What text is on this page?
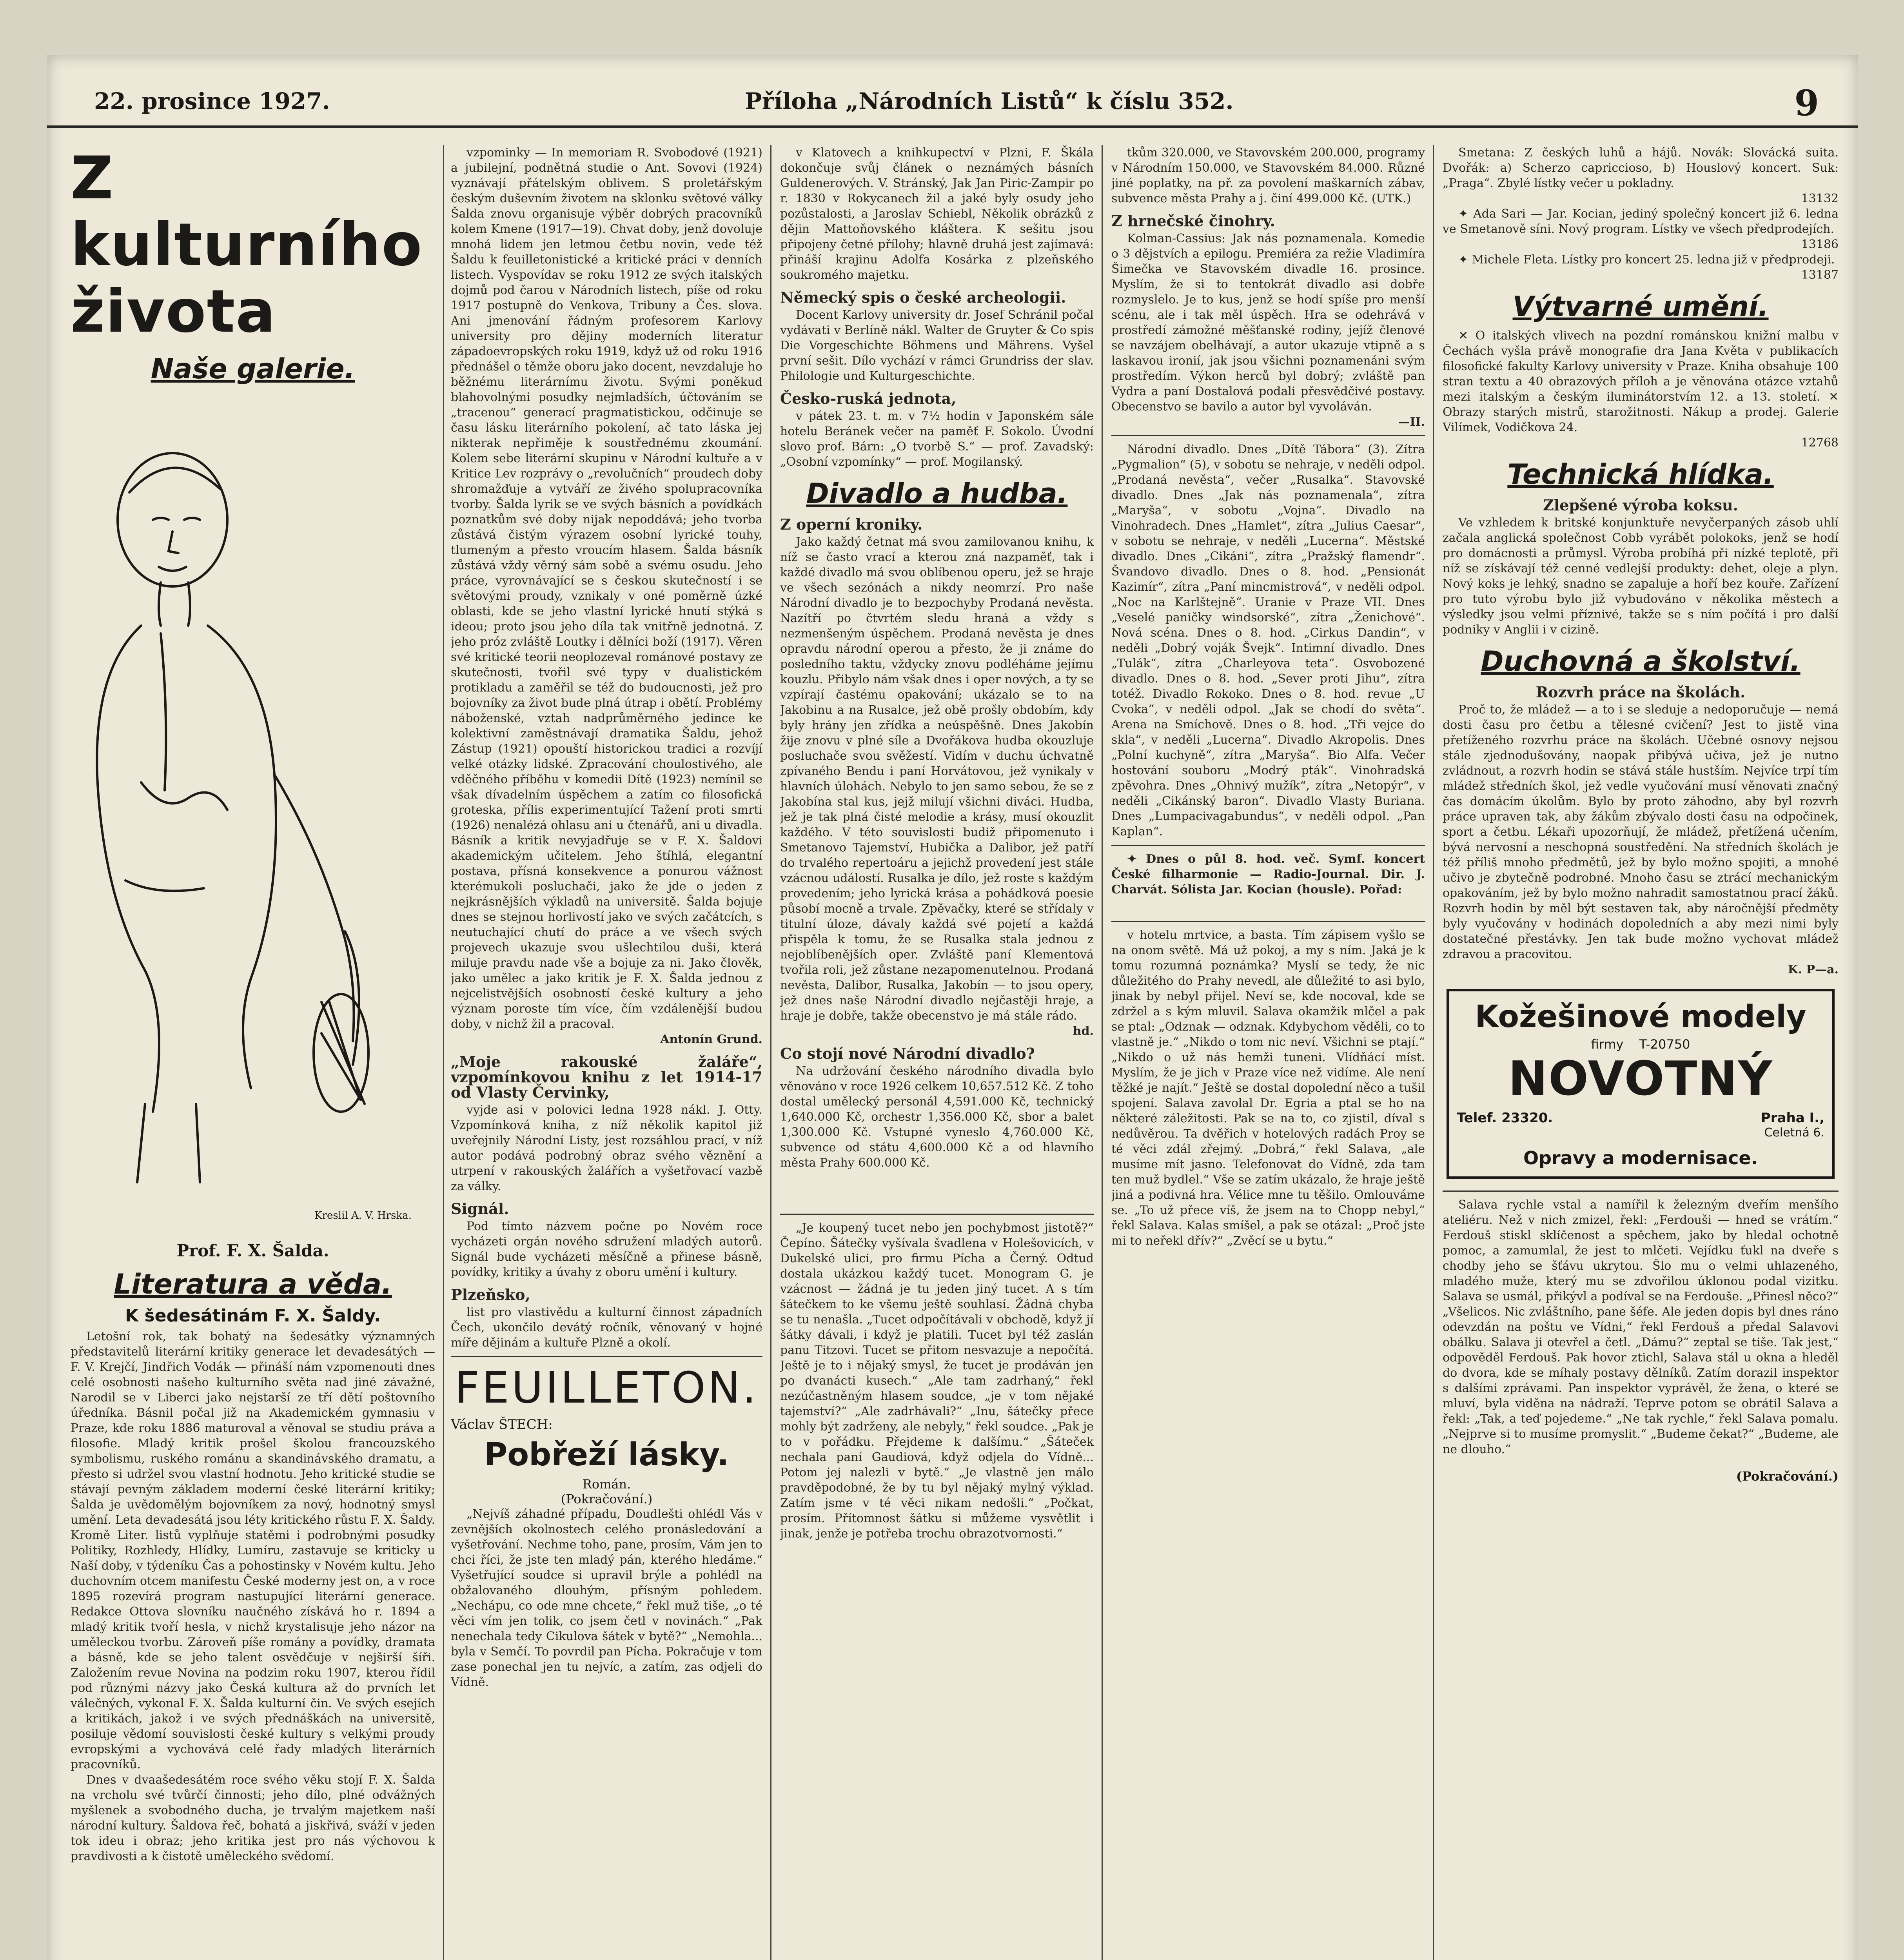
22. prosince 1927.	Příloha „Národních Listů“ k číslu 352.	9
Z kulturního života
Naše galerie.
Kreslil A. V. Hrska.
Prof. F. X. Šalda.
Literatura a věda.
K šedesátinám F. X. Šaldy.

Letošní rok, tak bohatý na šedesátky významných představitelů literární kritiky generace let devadesátých — F. V. Krejčí, Jindřich Vodák — přináší nám vzpomenouti dnes celé osobnosti našeho kulturního světa nad jiné závažné, Narodil se v Liberci jako nejstarší ze tří dětí poštovního úředníka. Básnil počal již na Akademickém gymnasiu v Praze, kde roku 1886 maturoval a věnoval se studiu práva a filosofie. Mladý kritik prošel školou francouzského symbolismu, ruského románu a skandinávského dramatu, a přesto si udržel svou vlastní hodnotu. Jeho kritické studie se stávají pevným základem moderní české literární kritiky; Šalda je uvědomělým bojovníkem za nový, hodnotný smysl umění. Leta devadesátá jsou léty kritického růstu F. X. Šaldy. Kromě Liter. listů vyplňuje statěmi i podrobnými posudky Politiky, Rozhledy, Hlídky, Lumíru, zastavuje se kriticky u Naší doby, v týdeníku Čas a pohostinsky v Novém kultu. Jeho duchovním otcem manifestu České moderny jest on, a v roce 1895 rozevírá program nastupující literární generace. Redakce Ottova slovníku naučného získává ho r. 1894 a mladý kritik tvoří hesla, v nichž krystalisuje jeho názor na uměleckou tvorbu. Zároveň píše romány a povídky, dramata a básně, kde se jeho talent osvědčuje v nejširší šíři. Založením revue Novina na podzim roku 1907, kterou řídil pod různými názvy jako Česká kultura až do prvních let válečných, vykonal F. X. Šalda kulturní čin. Ve svých esejích a kritikách, jakož i ve svých přednáškách na universitě, posiluje vědomí souvislosti české kultury s velkými proudy evropskými a vychovává celé řady mladých literárních pracovníků.

Dnes v dvaašedesátém roce svého věku stojí F. X. Šalda na vrcholu své tvůrčí činnosti; jeho dílo, plné odvážných myšlenek a svobodného ducha, je trvalým majetkem naší národní kultury. Šaldova řeč, bohatá a jiskřivá, sváží v jeden tok ideu i obraz; jeho kritika jest pro nás výchovou k pravdivosti a k čistotě uměleckého svědomí.

vzpominky — In memoriam R. Svobodové (1921) a jubilejní, podnětná studie o Ant. Sovovi (1924) vyznávají přátelským oblivem. S proletářským českým duševním životem na sklonku světové války Šalda znovu organisuje výběr dobrých pracovníků kolem Kmene (1917—19). Chvat doby, jenž dovoluje mnohá lidem jen letmou četbu novin, vede též Šaldu k feuilletonistické a kritické práci v denních listech. Vyspovídav se roku 1912 ze svých italských dojmů pod čarou v Národních listech, píše od roku 1917 postupně do Venkova, Tribuny a Čes. slova. Ani jmenování řádným profesorem Karlovy university pro dějiny moderních literatur západoevropských roku 1919, když už od roku 1916 přednášel o těmže oboru jako docent, nevzdaluje ho běžnému literárnímu životu. Svými poněkud blahovolnými posudky nejmladších, účtováním se „tracenou“ generací pragmatistickou, odčinuje se času lásku literárního pokolení, ač tato láska jej nikterak nepřiměje k soustřednému zkoumání. Kolem sebe literární skupinu v Národní kultuře a v Kritice Lev rozprávy o „revolučních“ proudech doby shromažďuje a vytváří ze živého spolupracovníka tvorby. Šalda lyrik se ve svých básních a povídkách poznatkům své doby nijak nepoddává; jeho tvorba zůstává čistým výrazem osobní lyrické touhy, tlumeným a přesto vroucím hlasem. Šalda básník zůstává vždy věrný sám sobě a svému osudu. Jeho práce, vyrovnávající se s českou skutečností i se světovými proudy, vznikaly v oné poměrně úzké oblasti, kde se jeho vlastní lyrické hnutí stýká s ideou; proto jsou jeho díla tak vnitřně jednotná. Z jeho próz zvláště Loutky i dělníci boží (1917). Věren své kritické teorii neoplozeval románové postavy ze skutečnosti, tvořil své typy v dualistickém protikladu a zaměřil se též do budoucnosti, jež pro bojovníky za život bude plná útrap i obětí. Problémy náboženské, vztah nadprůměrného jedince ke kolektivní zaměstnávají dramatika Šaldu, jehož Zástup (1921) opouští historickou tradici a rozvíjí velké otázky lidské. Zpracování choulostivého, ale vděčného příběhu v komedii Dítě (1923) nemínil se však dívadelním úspěchem a zatím co filosofická groteska, přílis experimentující Tažení proti smrti (1926) nenalézá ohlasu ani u čtenářů, ani u divadla. Básník a kritik nevyjadřuje se v F. X. Šaldovi akademickým učitelem. Jeho štíhlá, elegantní postava, přísná konsekvence a ponurou vážnost kterémukoli posluchači, jako že jde o jeden z nejkrásnějších výkladů na universitě. Šalda bojuje dnes se stejnou horlivostí jako ve svých začátcích, s neutuchající chutí do práce a ve všech svých projevech ukazuje svou ušlechtilou duši, která miluje pravdu nade vše a bojuje za ni. Jako člověk, jako umělec a jako kritik je F. X. Šalda jednou z nejcelistvějších osobností české kultury a jeho význam poroste tím více, čím vzdálenější budou doby, v nichž žil a pracoval.

Antonín Grund.
„Moje rakouské žaláře“, vzpomínkovou knihu z let 1914-17 od Vlasty Červinky,

vyjde asi v polovici ledna 1928 nákl. J. Otty. Vzpomínková kniha, z níž několik kapitol již uveřejnily Národní Listy, jest rozsáhlou prací, v níž autor podává podrobný obraz svého věznění a utrpení v rakouských žalářích a vyšetřovací vazbě za války.

Signál.

Pod tímto názvem počne po Novém roce vycházeti orgán nového sdružení mladých autorů. Signál bude vycházeti měsíčně a přinese básně, povídky, kritiky a úvahy z oboru umění i kultury.

Plzeňsko,

list pro vlastivědu a kulturní činnost západních Čech, ukončilo devátý ročník, věnovaný v hojné míře dějinám a kultuře Plzně a okolí.

FEUILLETON.
Václav ŠTECH:
Pobřeží lásky.
Román.
(Pokračování.)

„Nejvíš záhadné případu, Doudlešti ohlédl Vás v zevnějších okolnostech celého pronásledování a vyšetřování. Nechme toho, pane, prosím, Vám jen to chci říci, že jste ten mladý pán, kterého hledáme.“ Vyšetřující soudce si upravil brýle a pohlédl na obžalovaného dlouhým, přísným pohledem. „Nechápu, co ode mne chcete,“ řekl muž tiše, „o té věci vím jen tolik, co jsem četl v novinách.“ „Pak nenechala tedy Cikulova šátek v bytě?“ „Nemohla... byla v Semčí. To povrdil pan Pícha. Pokračuje v tom zase ponechal jen tu nejvíc, a zatím, zas odjeli do Vídně.

v Klatovech a knihkupectví v Plzni, F. Škála dokončuje svůj článek o neznámých básních Guldenerových. V. Stránský, Jak Jan Piric-Zampir po r. 1830 v Rokycanech žil a jaké byly osudy jeho pozůstalosti, a Jaroslav Schiebl, Několik obrázků z dějin Mattoňovského kláštera. K sešitu jsou připojeny četné přílohy; hlavně druhá jest zajímavá: přináší krajinu Adolfa Kosárka z plzeňského soukromého majetku.

Německý spis o české archeologii.

Docent Karlovy university dr. Josef Schránil počal vydávati v Berlíně nákl. Walter de Gruyter & Co spis Die Vorgeschichte Böhmens und Mährens. Vyšel první sešit. Dílo vychází v rámci Grundriss der slav. Philologie und Kulturgeschichte.

Česko-ruská jednota,

v pátek 23. t. m. v 7½ hodin v Japonském sále hotelu Beránek večer na paměť F. Sokolo. Úvodní slovo prof. Bárn: „O tvorbě S.“ — prof. Zavadský: „Osobní vzpomínky“ — prof. Mogilanský.

Divadlo a hudba.
Z operní kroniky.

Jako každý četnat má svou zamilovanou knihu, k níž se často vrací a kterou zná nazpaměť, tak i každé divadlo má svou oblíbenou operu, jež se hraje ve všech sezónách a nikdy neomrzí. Pro naše Národní divadlo je to bezpochyby Prodaná nevěsta. Nazítří po čtvrtém sledu hraná a vždy s nezmenšeným úspěchem. Prodaná nevěsta je dnes opravdu národní operou a přesto, že ji známe do posledního taktu, vždycky znovu podléháme jejímu kouzlu. Přibylo nám však dnes i oper nových, a ty se vzpírají častému opakování; ukázalo se to na Jakobinu a na Rusalce, jež obě prošly obdobím, kdy byly hrány jen zřídka a neúspěšně. Dnes Jakobín žije znovu v plné síle a Dvořákova hudba okouzluje posluchače svou svěžestí. Vidím v duchu úchvatně zpívaného Bendu i paní Horvátovou, jež vynikaly v hlavních úlohách. Nebylo to jen samo sebou, že se z Jakobína stal kus, jejž milují všichni diváci. Hudba, jež je tak plná čisté melodie a krásy, musí okouzlit každého. V této souvislosti budiž připomenuto i Smetanovo Tajemství, Hubička a Dalibor, jež patří do trvalého repertoáru a jejichž provedení jest stále vzácnou událostí. Rusalka je dílo, jež roste s každým provedením; jeho lyrická krása a pohádková poesie působí mocně a trvale. Zpěvačky, které se střídaly v titulní úloze, dávaly každá své pojetí a každá přispěla k tomu, že se Rusalka stala jednou z nejoblíbenějších oper. Zvláště paní Klementová tvořila roli, jež zůstane nezapomenutelnou. Prodaná nevěsta, Dalibor, Rusalka, Jakobín — to jsou opery, jež dnes naše Národní divadlo nejčastěji hraje, a hraje je dobře, takže obecenstvo je má stále rádo.

hd.
Co stojí nové Národní divadlo?

Na udržování českého národního divadla bylo věnováno v roce 1926 celkem 10,657.512 Kč. Z toho dostal umělecký personál 4,591.000 Kč, technický 1,640.000 Kč, orchestr 1,356.000 Kč, sbor a balet 1,300.000 Kč. Vstupné vyneslo 4,760.000 Kč, subvence od státu 4,600.000 Kč a od hlavního města Prahy 600.000 Kč.

„Je koupený tucet nebo jen pochybmost jistotě?“ Čepíno. Šátečky vyšívala švadlena v Holešovicích, v Dukelské ulici, pro firmu Pícha a Černý. Odtud dostala ukázkou každý tucet. Monogram G. je vzácnost — žádná je tu jeden jiný tucet. A s tím šátečkem to ke všemu ještě souhlasí. Žádná chyba se tu nenašla. „Tucet odpočítávali v obchodě, když jí šátky dávali, i když je platili. Tucet byl též zaslán panu Titzovi. Tucet se přitom nesvazuje a nepočítá. Ještě je to i nějaký smysl, že tucet je prodáván jen po dvanácti kusech.“ „Ale tam zadrhaný,“ řekl nezúčastněným hlasem soudce, „je v tom nějaké tajemství?“ „Ale zadrhávali?“ „Inu, šátečky přece mohly být zadrženy, ale nebyly,“ řekl soudce. „Pak je to v pořádku. Přejdeme k dalšímu.“ „Šáteček nechala paní Gaudiová, když odjela do Vídně... Potom jej nalezli v bytě.“ „Je vlastně jen málo pravděpodobné, že by tu byl nějaký mylný výklad. Zatím jsme v té věci nikam nedošli.“ „Počkat, prosím. Přítomnost šátku si můžeme vysvětlit i jinak, jenže je potřeba trochu obrazotvornosti.“

tkům 320.000, ve Stavovském 200.000, programy v Národním 150.000, ve Stavovském 84.000. Různé jiné poplatky, na př. za povolení maškarních zábav, subvence města Prahy a j. činí 499.000 Kč. (UTK.)

Z hrnečské činohry.

Kolman-Cassius: Jak nás poznamenala. Komedie o 3 dějstvích a epilogu. Premiéra za režie Vladimíra Šimečka ve Stavovském divadle 16. prosince. Myslím, že si to tentokrát divadlo asi dobře rozmyslelo. Je to kus, jenž se hodí spíše pro menší scénu, ale i tak měl úspěch. Hra se odehrává v prostředí zámožné měšťanské rodiny, jejíž členové se navzájem obelhávají, a autor ukazuje vtipně a s laskavou ironií, jak jsou všichni poznamenáni svým prostředím. Výkon herců byl dobrý; zvláště pan Vydra a paní Dostalová podali přesvědčivé postavy. Obecenstvo se bavilo a autor byl vyvoláván.

—II.

Národní divadlo. Dnes „Dítě Tábora“ (3). Zítra „Pygmalion“ (5), v sobotu se nehraje, v neděli odpol. „Prodaná nevěsta“, večer „Rusalka“. Stavovské divadlo. Dnes „Jak nás poznamenala“, zítra „Maryša“, v sobotu „Vojna“. Divadlo na Vinohradech. Dnes „Hamlet“, zítra „Julius Caesar“, v sobotu se nehraje, v neděli „Lucerna“. Městské divadlo. Dnes „Cikáni“, zítra „Pražský flamendr“. Švandovo divadlo. Dnes o 8. hod. „Pensionát Kazimír“, zítra „Paní mincmistrová“, v neděli odpol. „Noc na Karlštejně“. Uranie v Praze VII. Dnes „Veselé paničky windsorské“, zítra „Ženichové“. Nová scéna. Dnes o 8. hod. „Cirkus Dandin“, v neděli „Dobrý voják Švejk“. Intimní divadlo. Dnes „Tulák“, zítra „Charleyova teta“. Osvobozené divadlo. Dnes o 8. hod. „Sever proti Jihu“, zítra totéž. Divadlo Rokoko. Dnes o 8. hod. revue „U Cvoka“, v neděli odpol. „Jak se chodí do světa“. Arena na Smíchově. Dnes o 8. hod. „Tři vejce do skla“, v neděli „Lucerna“. Divadlo Akropolis. Dnes „Polní kuchyně“, zítra „Maryša“. Bio Alfa. Večer hostování souboru „Modrý pták“. Vinohradská zpěvohra. Dnes „Ohnivý mužík“, zítra „Netopýr“, v neděli „Cikánský baron“. Divadlo Vlasty Buriana. Dnes „Lumpacivagabundus“, v neděli odpol. „Pan Kaplan“.

✦ Dnes o půl 8. hod. več. Symf. koncert České filharmonie — Radio-Journal. Dir. J. Charvát. Sólista Jar. Kocian (housle). Pořad:

v hotelu mrtvice, a basta. Tím zápisem vyšlo se na onom světě. Má už pokoj, a my s ním. Jaká je k tomu rozumná poznámka? Myslí se tedy, že nic důležitého do Prahy nevedl, ale důležité to asi bylo, jinak by nebyl přijel. Neví se, kde nocoval, kde se zdržel a s kým mluvil. Salava okamžik mlčel a pak se ptal: „Odznak — odznak. Kdybychom věděli, co to vlastně je.“ „Nikdo o tom nic neví. Všichni se ptají.“ „Nikdo o už nás hemži tuneni. Vlídňácí míst. Myslím, že je jich v Praze více než vidíme. Ale není těžké je najít.“ Ještě se dostal dopolední něco a tušil spojení. Salava zavolal Dr. Egria a ptal se ho na některé záležitosti. Pak se na to, co zjistil, díval s nedůvěrou. Ta dvěřich v hotelových radách Proy se té věci zdál zřejmý. „Dobrá,“ řekl Salava, „ale musíme mít jasno. Telefonovat do Vídně, zda tam ten muž bydlel.“ Vše se zatím ukázalo, že hraje ještě jiná a podivná hra. Vélice mne tu těšilo. Omlouváme se. „To už přece víš, že jsem na to Chopp nebyl,“ řekl Salava. Kalas smíšel, a pak se otázal: „Proč jste mi to neřekl dřív?“ „Zvěcí se u bytu.“

Smetana: Z českých luhů a hájů. Novák: Slovácká suita. Dvořák: a) Scherzo capriccioso, b) Houslový koncert. Suk: „Praga“. Zbylé lístky večer u pokladny.

13132

✦ Ada Sari — Jar. Kocian, jediný společný koncert již 6. ledna ve Smetanově síni. Nový program. Lístky ve všech předprodejích.

13186

✦ Michele Fleta. Lístky pro koncert 25. ledna již v předprodeji.

13187
Výtvarné umění.

✕ O italských vlivech na pozdní románskou knižní malbu v Čechách vyšla právě monografie dra Jana Květa v publikacích filosofické fakulty Karlovy university v Praze. Kniha obsahuje 100 stran textu a 40 obrazových příloh a je věnována otázce vztahů mezi italským a českým iluminátorstvím 12. a 13. století. ✕ Obrazy starých mistrů, starožitnosti. Nákup a prodej. Galerie Vilímek, Vodičkova 24.

12768
Technická hlídka.
Zlepšené výroba koksu.

Ve vzhledem k britské konjunktuře nevyčerpaných zásob uhlí začala anglická společnost Cobb vyrábět polokoks, jenž se hodí pro domácnosti a průmysl. Výroba probíhá při nízké teplotě, při níž se získávají též cenné vedlejší produkty: dehet, oleje a plyn. Nový koks je lehký, snadno se zapaluje a hoří bez kouře. Zařízení pro tuto výrobu bylo již vybudováno v několika městech a výsledky jsou velmi příznivé, takže se s ním počítá i pro další podniky v Anglii i v cizině.

Duchovná a školství.
Rozvrh práce na školách.

Proč to, že mládež — a to i se sleduje a nedoporučuje — nemá dosti času pro četbu a tělesné cvičení? Jest to jistě vina přetíženého rozvrhu práce na školách. Učebné osnovy nejsou stále zjednodušovány, naopak přibývá učiva, jež je nutno zvládnout, a rozvrh hodin se stává stále hustším. Nejvíce trpí tím mládež středních škol, jež vedle vyučování musí věnovati značný čas domácím úkolům. Bylo by proto záhodno, aby byl rozvrh práce upraven tak, aby žákům zbývalo dosti času na odpočinek, sport a četbu. Lékaři upozorňují, že mládež, přetížená učením, bývá nervosní a neschopná soustředění. Na středních školách je též příliš mnoho předmětů, jež by bylo možno spojiti, a mnohé učivo je zbytečně podrobné. Mnoho času se ztrácí mechanickým opakováním, jež by bylo možno nahradit samostatnou prací žáků. Rozvrh hodin by měl být sestaven tak, aby náročnější předměty byly vyučovány v hodinách dopoledních a aby mezi nimi byly dostatečné přestávky. Jen tak bude možno vychovat mládež zdravou a pracovitou.

K. P—a.
Kožešinové modely
firmy T-20750
NOVOTNÝ
Telef. 23320.	Praha I.,
Celetná 6.
Opravy a modernisace.

Salava rychle vstal a namířil k železným dveřím menšího ateliéru. Než v nich zmizel, řekl: „Ferdouši — hned se vrátím.“ Ferdouš stiskl sklíčenost a spěchem, jako by hledal ochotně pomoc, a zamumlal, že jest to mlčeti. Vejídku ťukl na dveře s chodby jeho se šťávu ukrytou. Šlo mu o velmi uhlazeného, mladého muže, který mu se zdvořilou úklonou podal vizitku. Salava se usmál, přikývl a podíval se na Ferdouše. „Přinesl něco?“ „Všelicos. Nic zvláštního, pane šéfe. Ale jeden dopis byl dnes ráno odevzdán na poštu ve Vídni,“ řekl Ferdouš a předal Salavovi obálku. Salava ji otevřel a četl. „Dámu?“ zeptal se tiše. Tak jest,“ odpověděl Ferdouš. Pak hovor ztichl, Salava stál u okna a hleděl do dvora, kde se míhaly postavy dělníků. Zatím dorazil inspektor s dalšími zprávami. Pan inspektor vyprávěl, že žena, o které se mluví, byla viděna na nádraží. Teprve potom se obrátil Salava a řekl: „Tak, a teď pojedeme.“ „Ne tak rychle,“ řekl Salava pomalu. „Nejprve si to musíme promyslit.“ „Budeme čekat?“ „Budeme, ale ne dlouho.“

(Pokračování.)
